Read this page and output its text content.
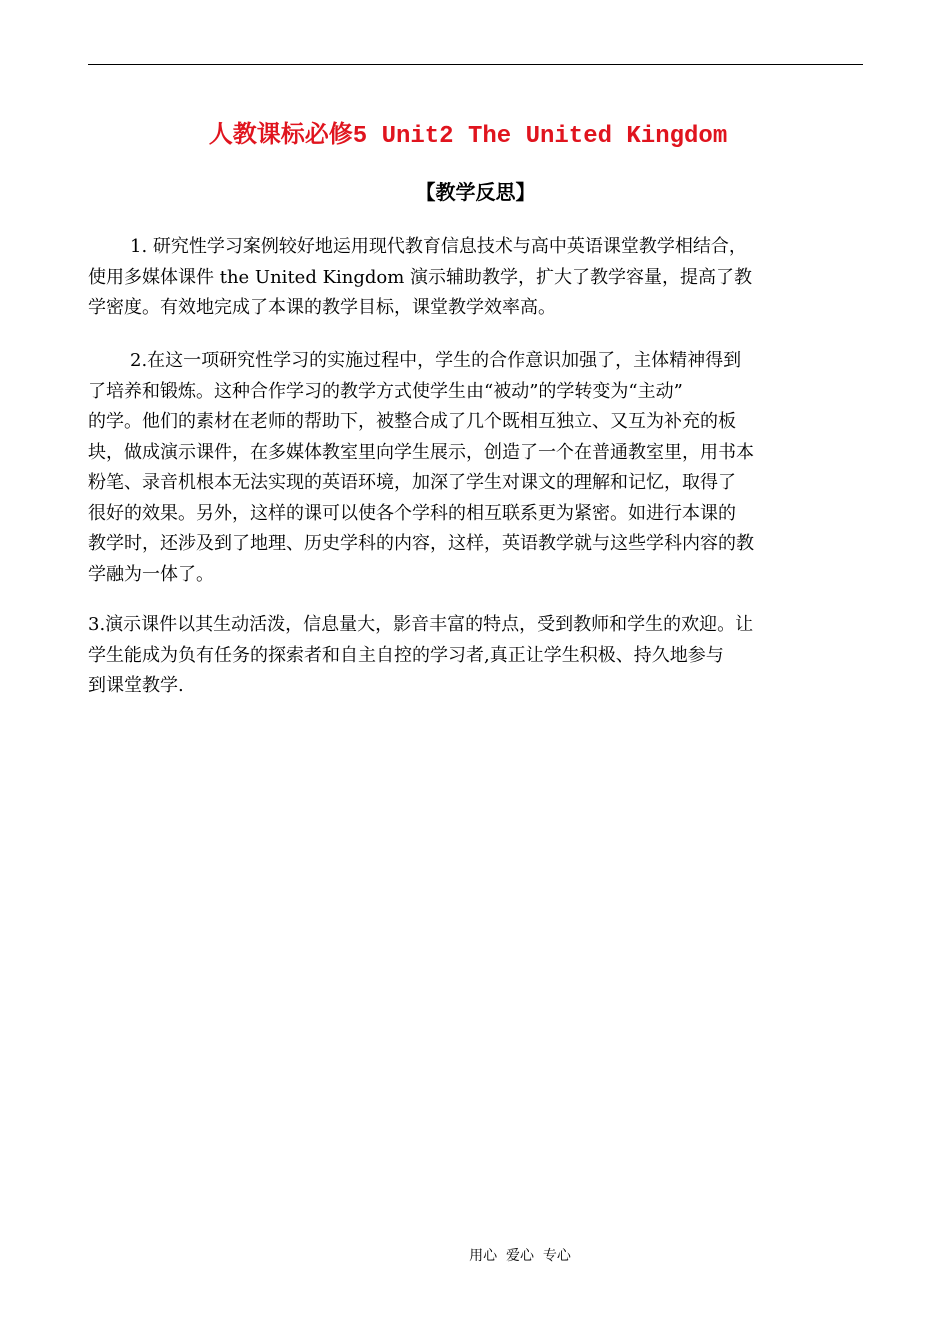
人教课标必修5 Unit2 The United Kingdom
【教学反思】

1. 研究性学习案例较好地运用现代教育信息技术与高中英语课堂教学相结合，
使用多媒体课件 the United Kingdom 演示辅助教学，扩大了教学容量，提高了教
学密度。有效地完成了本课的教学目标，课堂教学效率高。

2.在这一项研究性学习的实施过程中，学生的合作意识加强了，主体精神得到
了培养和锻炼。这种合作学习的教学方式使学生由“被动”的学转变为“主动”
的学。他们的素材在老师的帮助下，被整合成了几个既相互独立、又互为补充的板
块，做成演示课件，在多媒体教室里向学生展示，创造了一个在普通教室里，用书本
粉笔、录音机根本无法实现的英语环境，加深了学生对课文的理解和记忆，取得了
很好的效果。另外，这样的课可以使各个学科的相互联系更为紧密。如进行本课的
教学时，还涉及到了地理、历史学科的内容，这样，英语教学就与这些学科内容的教
学融为一体了。

3.演示课件以其生动活泼，信息量大，影音丰富的特点，受到教师和学生的欢迎。让
学生能成为负有任务的探索者和自主自控的学习者,真正让学生积极、持久地参与
到课堂教学.

用心  爱心  专心
